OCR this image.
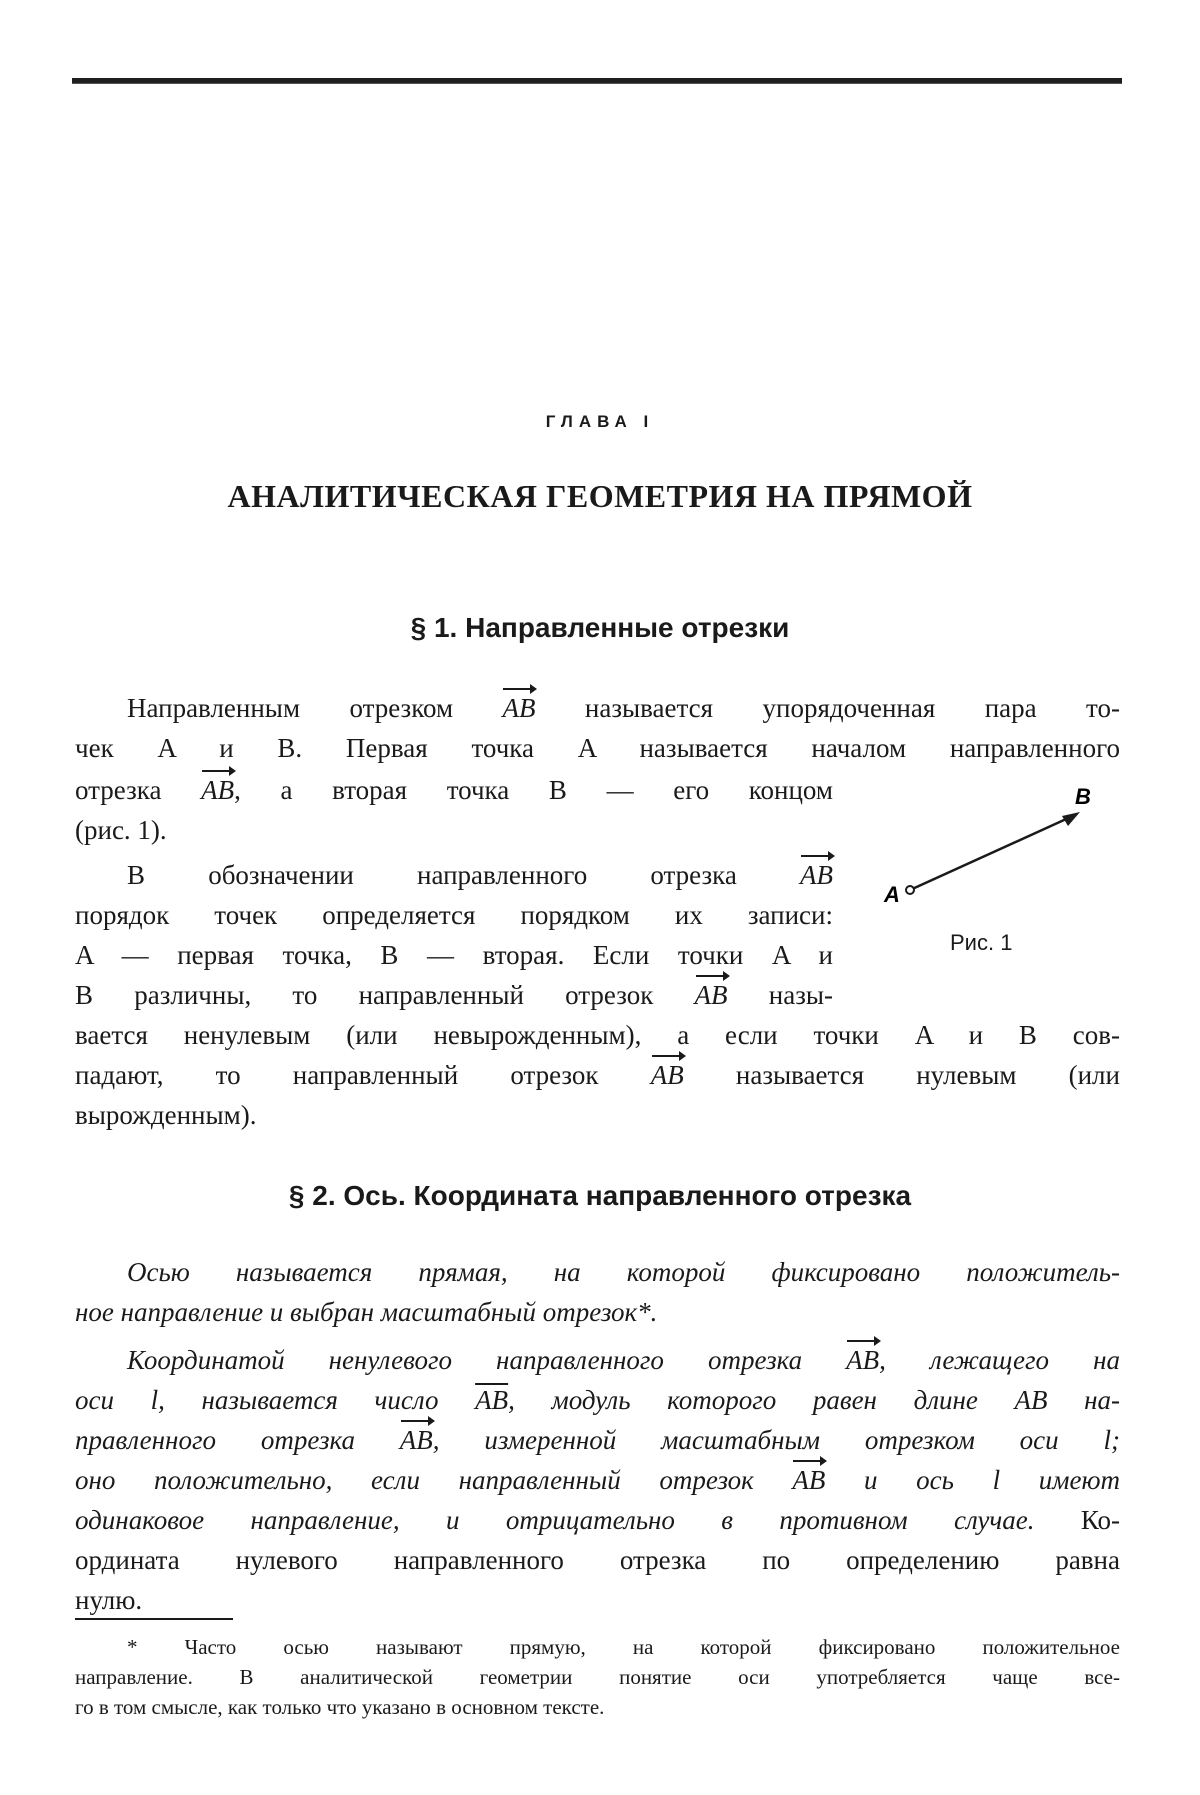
ГЛАВА I
АНАЛИТИЧЕСКАЯ ГЕОМЕТРИЯ НА ПРЯМОЙ
§ 1. Направленные отрезки
Направленным отрезком AB называется упорядоченная пара то-
чек A и B. Первая точка A называется началом направленного
отрезка AB, а вторая точка B — его концом
(рис. 1).
В обозначении направленного отрезка AB
порядок точек определяется порядком их записи:
A — первая точка, B — вторая. Если точки A и
B различны, то направленный отрезок AB назы-
вается ненулевым (или невырожденным), а если точки A и B сов-
падают, то направленный отрезок AB называется нулевым (или
вырожденным).
A
B
Рис. 1
§ 2. Ось. Координата направленного отрезка
Осью называется прямая, на которой фиксировано положитель-
ное направление и выбран масштабный отрезок*.
Координатой ненулевого направленного отрезка AB, лежащего на
оси l, называется число $\overline{AB}$, модуль которого равен длине AB на-
правленного отрезка AB, измеренной масштабным отрезком оси l;
оно положительно, если направленный отрезок AB и ось l имеют
одинаковое направление, и отрицательно в противном случае. Ко-
ордината нулевого направленного отрезка по определению равна
нулю.
* Часто осью называют прямую, на которой фиксировано положительное
направление. В аналитической геометрии понятие оси употребляется чаще все-
го в том смысле, как только что указано в основном тексте.
